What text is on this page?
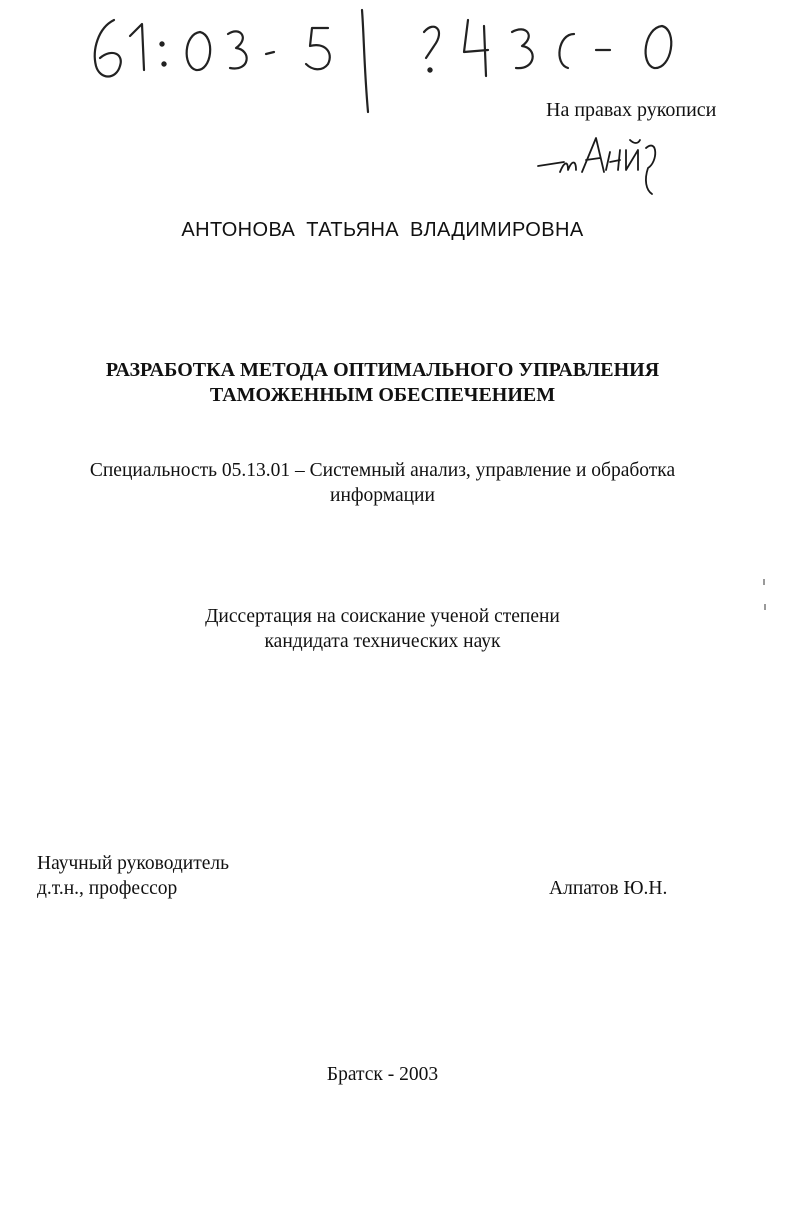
На правах рукописи
АНТОНОВА ТАТЬЯНА ВЛАДИМИРОВНА
РАЗРАБОТКА МЕТОДА ОПТИМАЛЬНОГО УПРАВЛЕНИЯ
ТАМОЖЕННЫМ ОБЕСПЕЧЕНИЕМ
Специальность 05.13.01 – Системный анализ, управление и обработка
информации
Диссертация на соискание ученой степени
кандидата технических наук
Научный руководитель
д.т.н., профессор	Алпатов Ю.Н.
Братск - 2003
